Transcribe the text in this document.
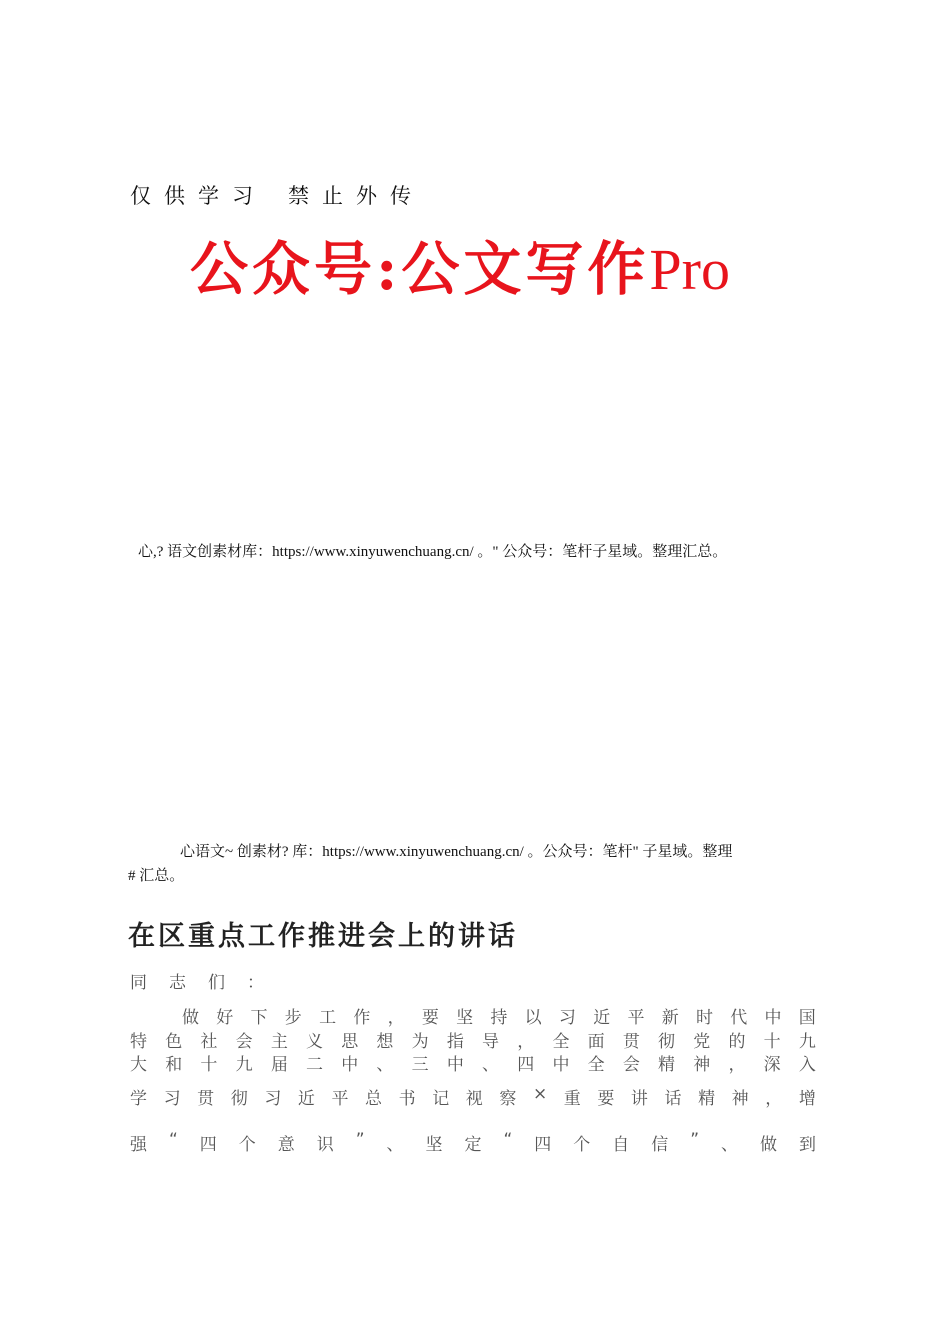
仅供学习 禁止外传
公众号:公文写作Pro
心,? 语文创素材库：https://www.xinyuwenchuang.cn/ 。" 公众号：笔杆子星域。整理汇总。
心语文~ 创素材? 库：https://www.xinyuwenchuang.cn/ 。公众号：笔杆" 子星域。整理
# 汇总。
在区重点工作推进会上的讲话
同志们：
做 好 下 步 工 作 ， 要 坚 持 以 习 近 平 新 时 代 中 国
特 色 社 会 主 义 思 想 为 指 导 ， 全 面 贯 彻 党 的 十 九
大 和 十 九 届 二 中 、 三 中 、 四 中 全 会 精 神 ， 深 入
学 习 贯 彻 习 近 平 总 书 记 视 察 × 重 要 讲 话 精 神 ， 增
强 “ 四 个 意 识 ” 、 坚 定 “ 四 个 自 信 ” 、 做 到
